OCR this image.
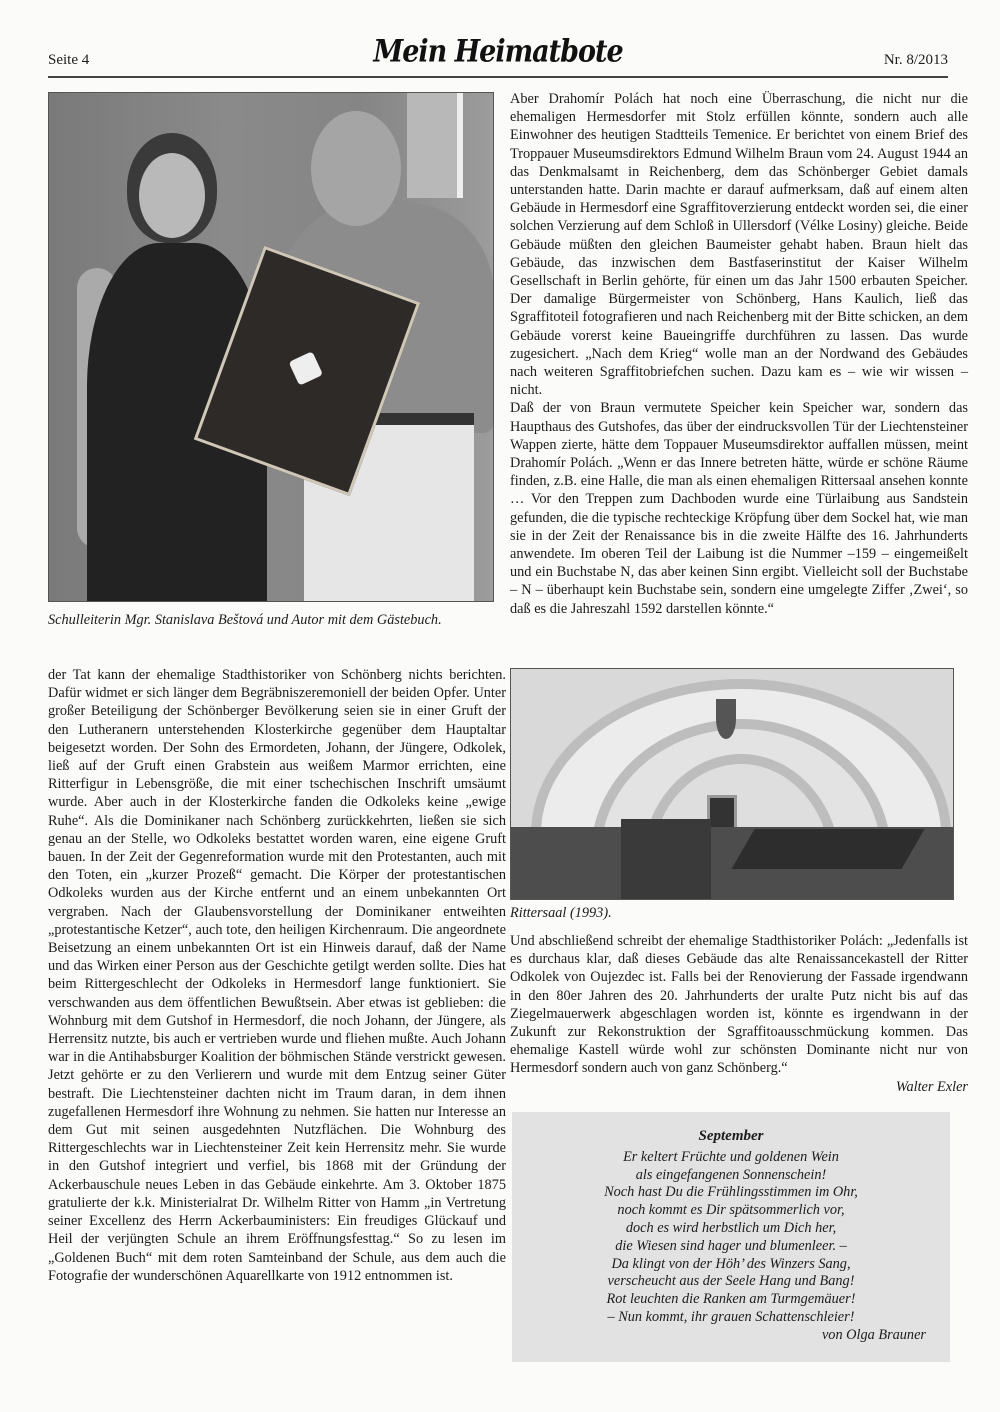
Seite 4	Mein Heimatbote	Nr. 8/2013
Schulleiterin Mgr. Stanislava Beštová und Autor mit dem Gästebuch.

der Tat kann der ehemalige Stadthistoriker von Schönberg nichts berichten. Dafür widmet er sich länger dem Begräbniszeremoniell der beiden Opfer. Unter großer Beteiligung der Schönberger Bevölkerung seien sie in einer Gruft der den Lutheranern unterstehenden Klosterkirche gegenüber dem Hauptaltar beigesetzt worden. Der Sohn des Ermordeten, Johann, der Jüngere, Odkolek, ließ auf der Gruft einen Grabstein aus weißem Marmor errichten, eine Ritterfigur in Lebensgröße, die mit einer tschechischen Inschrift umsäumt wurde. Aber auch in der Klosterkirche fanden die Odkoleks keine „ewige Ruhe“. Als die Dominikaner nach Schönberg zurückkehrten, ließen sie sich genau an der Stelle, wo Odkoleks bestattet worden waren, eine eigene Gruft bauen. In der Zeit der Gegenreformation wurde mit den Protestanten, auch mit den Toten, ein „kurzer Prozeß“ gemacht. Die Körper der protestantischen Odkoleks wurden aus der Kirche entfernt und an einem unbekannten Ort vergraben. Nach der Glaubensvorstellung der Dominikaner entweihten „protestantische Ketzer“, auch tote, den heiligen Kirchenraum. Die angeordnete Beisetzung an einem unbekannten Ort ist ein Hinweis darauf, daß der Name und das Wirken einer Person aus der Geschichte getilgt werden sollte. Dies hat beim Rittergeschlecht der Odkoleks in Hermesdorf lange funktioniert. Sie verschwanden aus dem öffentlichen Bewußtsein. Aber etwas ist geblieben: die Wohnburg mit dem Gutshof in Hermesdorf, die noch Johann, der Jüngere, als Herrensitz nutzte, bis auch er vertrieben wurde und fliehen mußte. Auch Johann war in die Antihabsburger Koalition der böhmischen Stände verstrickt gewesen. Jetzt gehörte er zu den Verlierern und wurde mit dem Entzug seiner Güter bestraft. Die Liechtensteiner dachten nicht im Traum daran, in dem ihnen zugefallenen Hermesdorf ihre Wohnung zu nehmen. Sie hatten nur Interesse an dem Gut mit seinen ausgedehnten Nutzflächen. Die Wohnburg des Rittergeschlechts war in Liechtensteiner Zeit kein Herrensitz mehr. Sie wurde in den Gutshof integriert und verfiel, bis 1868 mit der Gründung der Ackerbauschule neues Leben in das Gebäude einkehrte. Am 3. Oktober 1875 gratulierte der k.k. Ministerialrat Dr. Wilhelm Ritter von Hamm „in Vertretung seiner Excellenz des Herrn Ackerbauministers: Ein freudiges Glückauf und Heil der verjüngten Schule an ihrem Eröffnungsfesttag.“ So zu lesen im „Goldenen Buch“ mit dem roten Samteinband der Schule, aus dem auch die Fotografie der wunderschönen Aquarellkarte von 1912 entnommen ist.

Aber Drahomír Polách hat noch eine Überraschung, die nicht nur die ehemaligen Hermesdorfer mit Stolz erfüllen könnte, sondern auch alle Einwohner des heutigen Stadtteils Temenice. Er berichtet von einem Brief des Troppauer Museumsdirektors Edmund Wilhelm Braun vom 24. August 1944 an das Denkmalsamt in Reichenberg, dem das Schönberger Gebiet damals unterstanden hatte. Darin machte er darauf aufmerksam, daß auf einem alten Gebäude in Hermesdorf eine Sgraffitoverzierung entdeckt worden sei, die einer solchen Verzierung auf dem Schloß in Ullersdorf (Vélke Losiny) gleiche. Beide Gebäude müßten den gleichen Baumeister gehabt haben. Braun hielt das Gebäude, das inzwischen dem Bastfaserinstitut der Kaiser Wilhelm Gesellschaft in Berlin gehörte, für einen um das Jahr 1500 erbauten Speicher. Der damalige Bürgermeister von Schönberg, Hans Kaulich, ließ das Sgraffitoteil fotografieren und nach Reichenberg mit der Bitte schicken, an dem Gebäude vorerst keine Baueingriffe durchführen zu lassen. Das wurde zugesichert. „Nach dem Krieg“ wolle man an der Nordwand des Gebäudes nach weiteren Sgraffitobriefchen suchen. Dazu kam es – wie wir wissen – nicht.

Daß der von Braun vermutete Speicher kein Speicher war, sondern das Haupthaus des Gutshofes, das über der eindrucksvollen Tür der Liechtensteiner Wappen zierte, hätte dem Toppauer Museumsdirektor auffallen müssen, meint Drahomír Polách. „Wenn er das Innere betreten hätte, würde er schöne Räume finden, z.B. eine Halle, die man als einen ehemaligen Rittersaal ansehen konnte … Vor den Treppen zum Dachboden wurde eine Türlaibung aus Sandstein gefunden, die die typische rechteckige Kröpfung über dem Sockel hat, wie man sie in der Zeit der Renaissance bis in die zweite Hälfte des 16. Jahrhunderts anwendete. Im oberen Teil der Laibung ist die Nummer –159 – eingemeißelt und ein Buchstabe N, das aber keinen Sinn ergibt. Vielleicht soll der Buchstabe – N – überhaupt kein Buchstabe sein, sondern eine umgelegte Ziffer ‚Zwei‘, so daß es die Jahreszahl 1592 darstellen könnte.“

Rittersaal (1993).

Und abschließend schreibt der ehemalige Stadthistoriker Polách: „Jedenfalls ist es durchaus klar, daß dieses Gebäude das alte Renaissancekastell der Ritter Odkolek von Oujezdec ist. Falls bei der Renovierung der Fassade irgendwann in den 80er Jahren des 20. Jahrhunderts der uralte Putz nicht bis auf das Ziegelmauerwerk abgeschlagen worden ist, könnte es irgendwann in der Zukunft zur Rekonstruktion der Sgraffitoausschmückung kommen. Das ehemalige Kastell würde wohl zur schönsten Dominante nicht nur von Hermesdorf sondern auch von ganz Schönberg.“

Walter Exler
September
Er keltert Früchte und goldenen Wein
als eingefangenen Sonnenschein!
Noch hast Du die Frühlingsstimmen im Ohr,
noch kommt es Dir spätsommerlich vor,
doch es wird herbstlich um Dich her,
die Wiesen sind hager und blumenleer. –
Da klingt von der Höh’ des Winzers Sang,
verscheucht aus der Seele Hang und Bang!
Rot leuchten die Ranken am Turmgemäuer!
– Nun kommt, ihr grauen Schattenschleier!
von Olga Brauner
